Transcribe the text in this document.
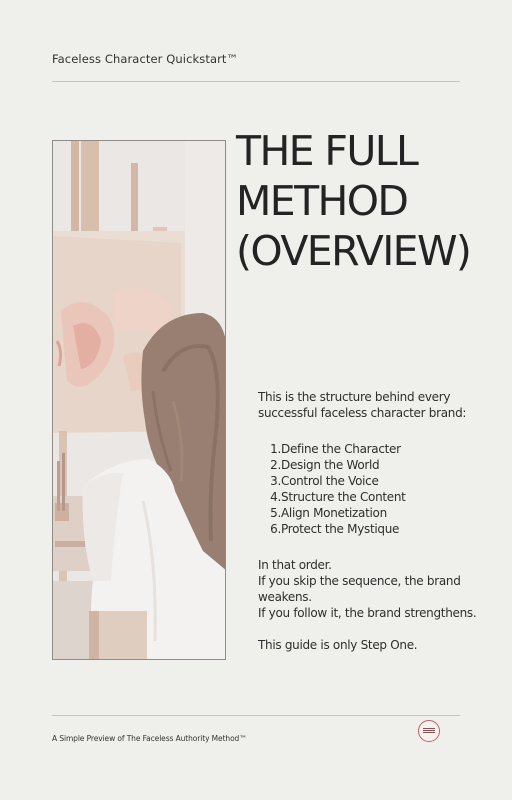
Faceless Character Quickstart™
THE FULL
METHOD
(OVERVIEW)

This is the structure behind every successful faceless character brand:

1. Define the Character
2. Design the World
3. Control the Voice
4. Structure the Content
5. Align Monetization
6. Protect the Mystique

In that order.

If you skip the sequence, the brand weakens.

If you follow it, the brand strengthens.

This guide is only Step One.

A Simple Preview of The Faceless Authority Method™
